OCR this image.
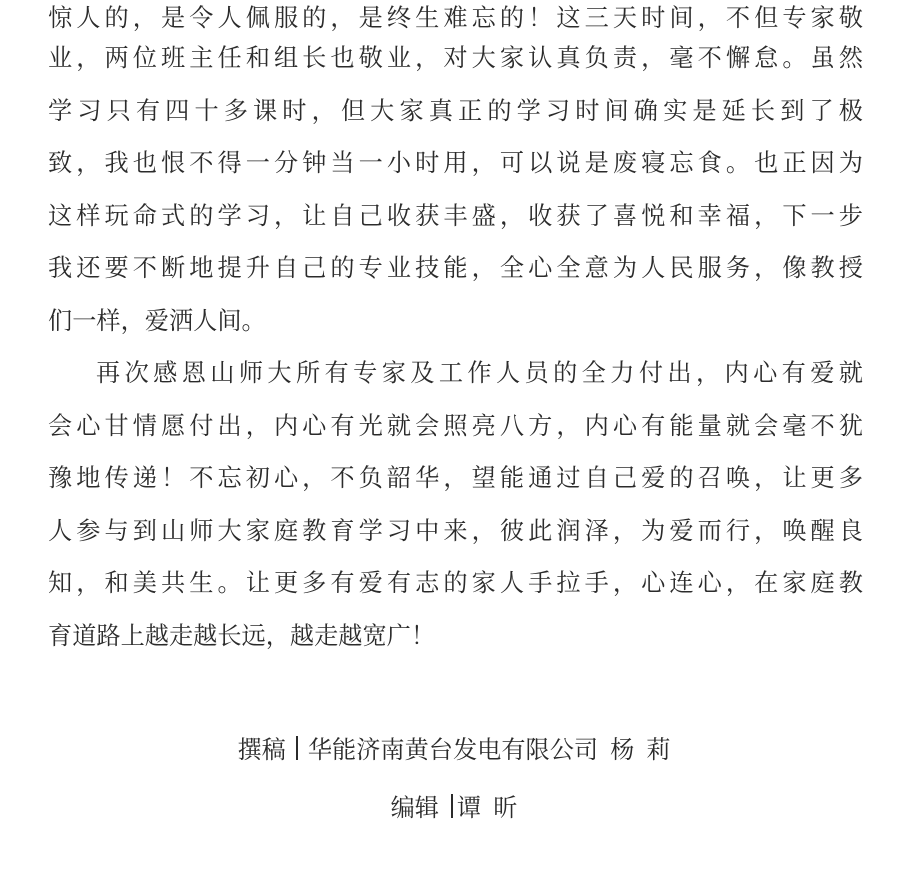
惊人的，是令人佩服的，是终生难忘的！这三天时间，不但专家敬
业，两位班主任和组长也敬业，对大家认真负责，毫不懈怠。虽然
学习只有四十多课时，但大家真正的学习时间确实是延长到了极
致，我也恨不得一分钟当一小时用，可以说是废寝忘食。也正因为
这样玩命式的学习，让自己收获丰盛，收获了喜悦和幸福，下一步
我还要不断地提升自己的专业技能，全心全意为人民服务，像教授
们一样，爱洒人间。
再次感恩山师大所有专家及工作人员的全力付出，内心有爱就
会心甘情愿付出，内心有光就会照亮八方，内心有能量就会毫不犹
豫地传递！不忘初心，不负韶华，望能通过自己爱的召唤，让更多
人参与到山师大家庭教育学习中来，彼此润泽，为爱而行，唤醒良
知，和美共生。让更多有爱有志的家人手拉手，心连心，在家庭教
育道路上越走越长远，越走越宽广！
撰稿 华能济南黄台发电有限公司 杨 莉
编辑 谭 昕
